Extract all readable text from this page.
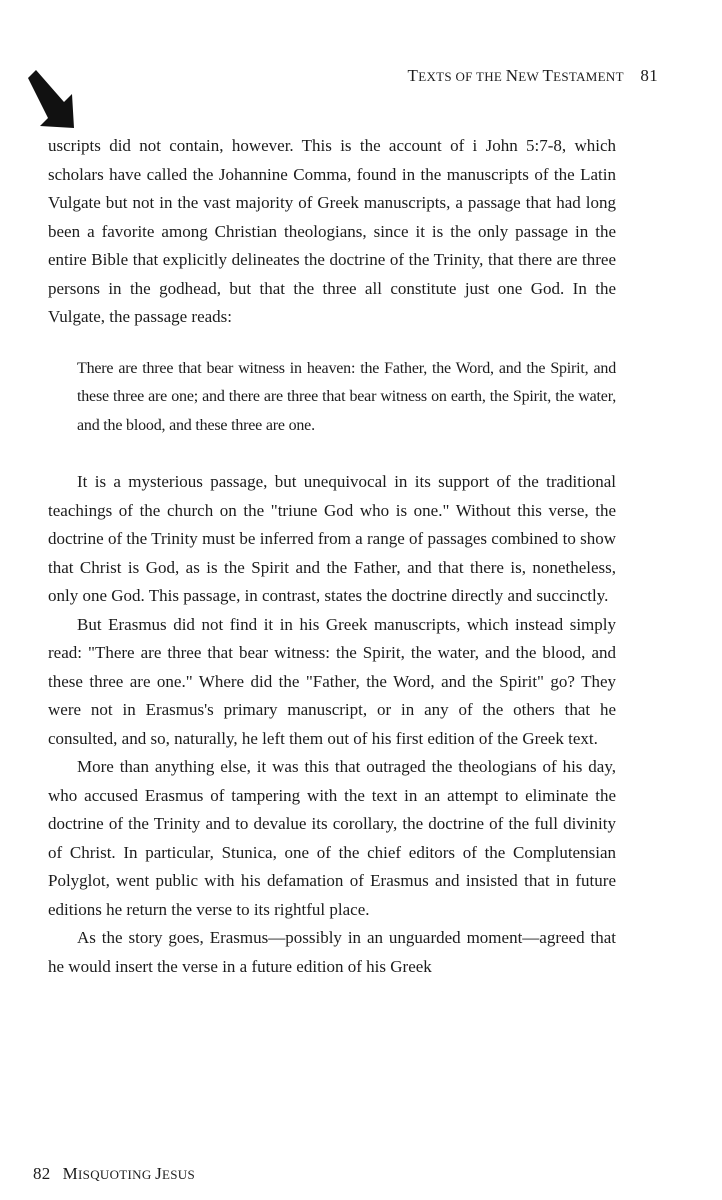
TEXTS OF THE NEW TESTAMENT 81

uscripts did not contain, however. This is the account of i John 5:7-8, which scholars have called the Johannine Comma, found in the manuscripts of the Latin Vulgate but not in the vast majority of Greek manuscripts, a passage that had long been a favorite among Christian theologians, since it is the only passage in the entire Bible that explicitly delineates the doctrine of the Trinity, that there are three persons in the godhead, but that the three all constitute just one God. In the Vulgate, the passage reads:

There are three that bear witness in heaven: the Father, the Word, and the Spirit, and these three are one; and there are three that bear witness on earth, the Spirit, the water, and the blood, and these three are one.

It is a mysterious passage, but unequivocal in its support of the traditional teachings of the church on the "triune God who is one." Without this verse, the doctrine of the Trinity must be inferred from a range of passages combined to show that Christ is God, as is the Spirit and the Father, and that there is, nonetheless, only one God. This passage, in contrast, states the doctrine directly and succinctly.

But Erasmus did not find it in his Greek manuscripts, which instead simply read: "There are three that bear witness: the Spirit, the water, and the blood, and these three are one." Where did the "Father, the Word, and the Spirit" go? They were not in Erasmus's primary manuscript, or in any of the others that he consulted, and so, naturally, he left them out of his first edition of the Greek text.

More than anything else, it was this that outraged the theologians of his day, who accused Erasmus of tampering with the text in an attempt to eliminate the doctrine of the Trinity and to devalue its corollary, the doctrine of the full divinity of Christ. In particular, Stunica, one of the chief editors of the Complutensian Polyglot, went public with his defamation of Erasmus and insisted that in future editions he return the verse to its rightful place.

As the story goes, Erasmus—possibly in an unguarded moment—agreed that he would insert the verse in a future edition of his Greek

82 MISQUOTING JESUS
